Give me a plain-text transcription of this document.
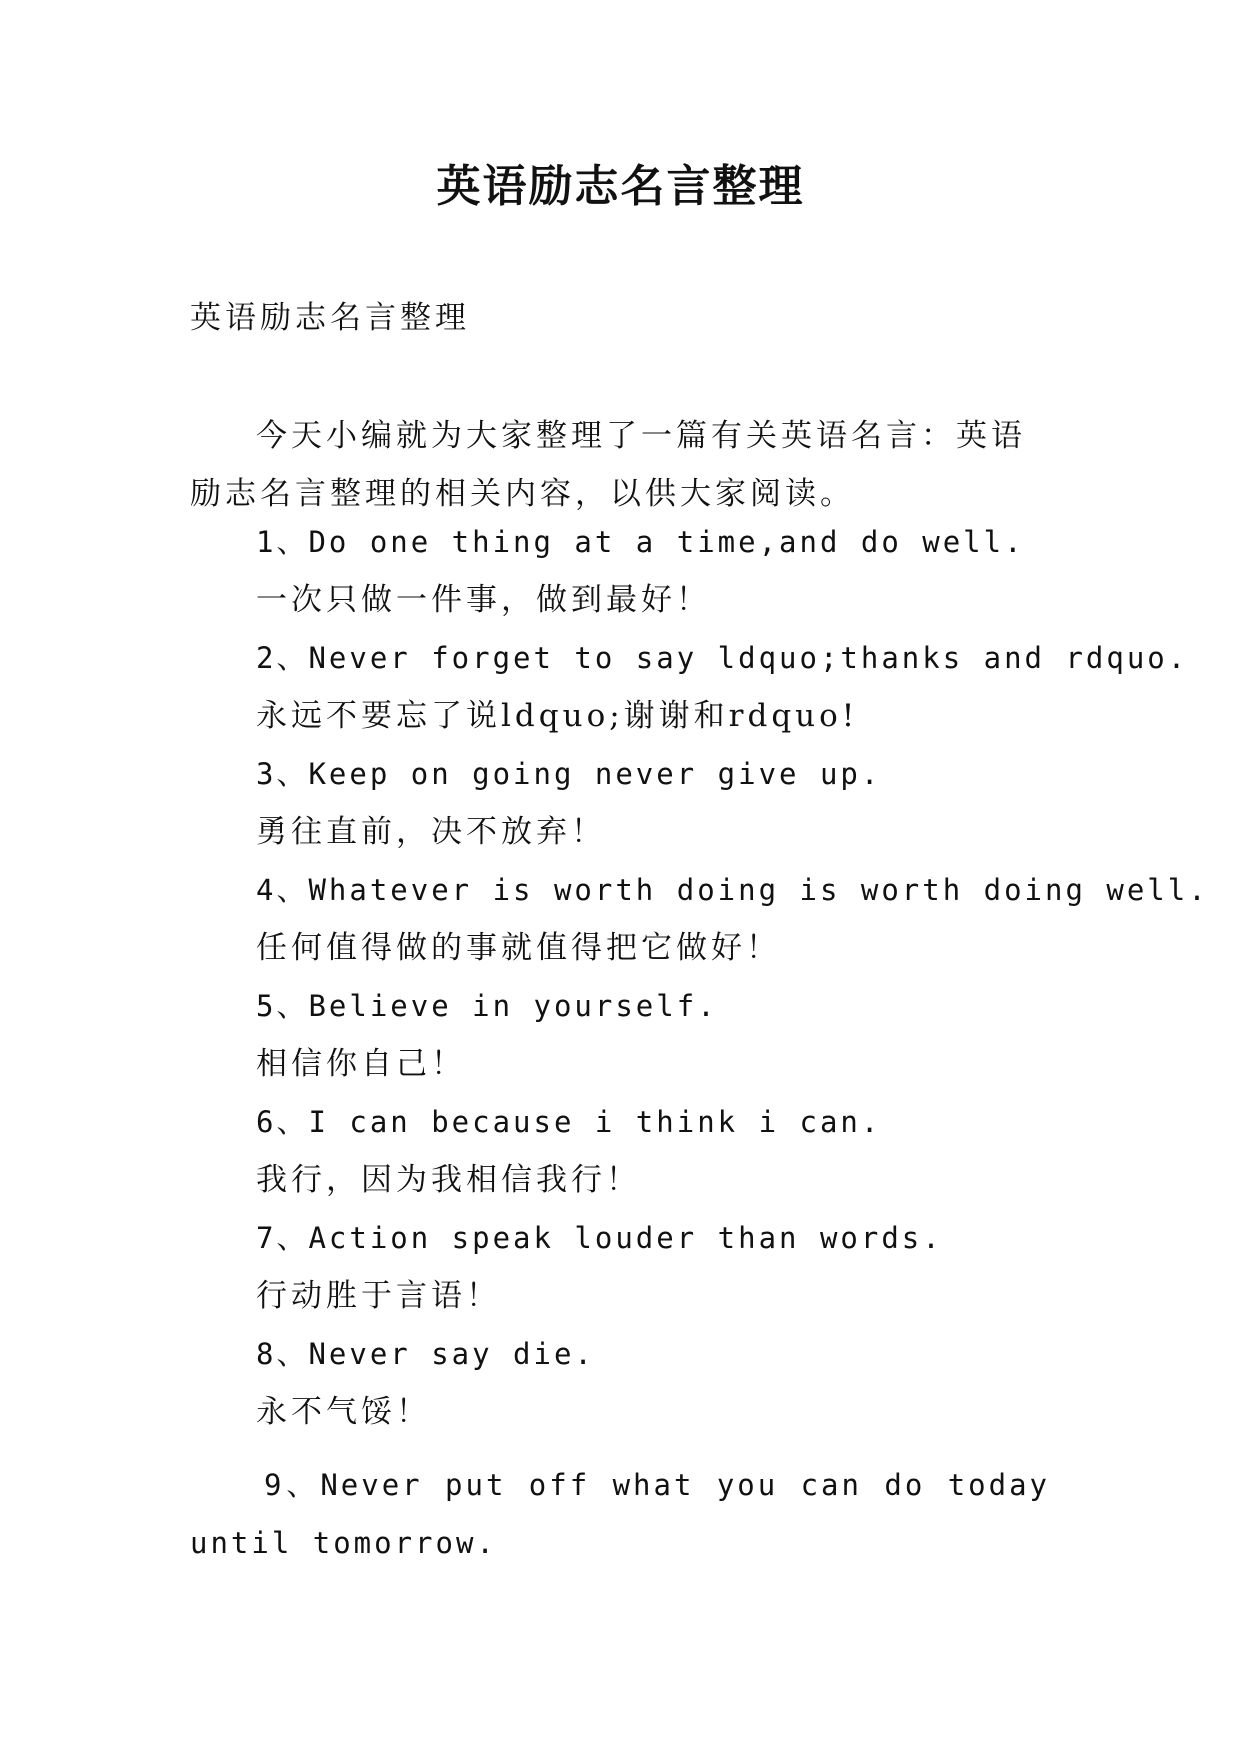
英语励志名言整理
英语励志名言整理
今天小编就为大家整理了一篇有关英语名言：英语励志名言整理的相关内容，以供大家阅读。
1、Do one thing at a time,and do well.
一次只做一件事，做到最好！
2、Never forget to say ldquo;thanks and rdquo.
永远不要忘了说ldquo;谢谢和rdquo!
3、Keep on going never give up.
勇往直前，决不放弃！
4、Whatever is worth doing is worth doing well.
任何值得做的事就值得把它做好！
5、Believe in yourself.
相信你自己！
6、I can because i think i can.
我行，因为我相信我行！
7、Action speak louder than words.
行动胜于言语！
8、Never say die.
永不气馁！
9、Never put off what you can do today until tomorrow.
